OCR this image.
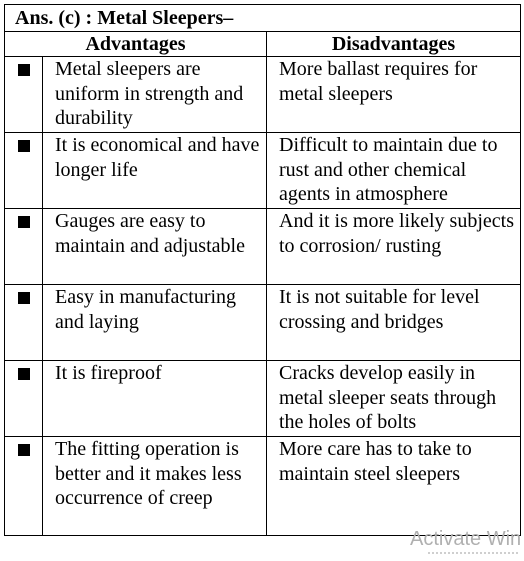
Ans. (c) : Metal Sleepers–		
Advantages		Disadvantages
	Metal sleepers are uniform in strength and durability	More ballast requires for metal sleepers
	It is economical and have longer life	Difficult to maintain due to rust and other chemical agents in atmosphere
	Gauges are easy to maintain and adjustable	And it is more likely subjects to corrosion/ rusting
	Easy in manufacturing and laying	It is not suitable for level crossing and bridges
	It is fireproof	Cracks develop easily in metal sleeper seats through the holes of bolts
	The fitting operation is better and it makes less occurrence of creep	More care has to take to maintain steel sleepers
Activate Win
